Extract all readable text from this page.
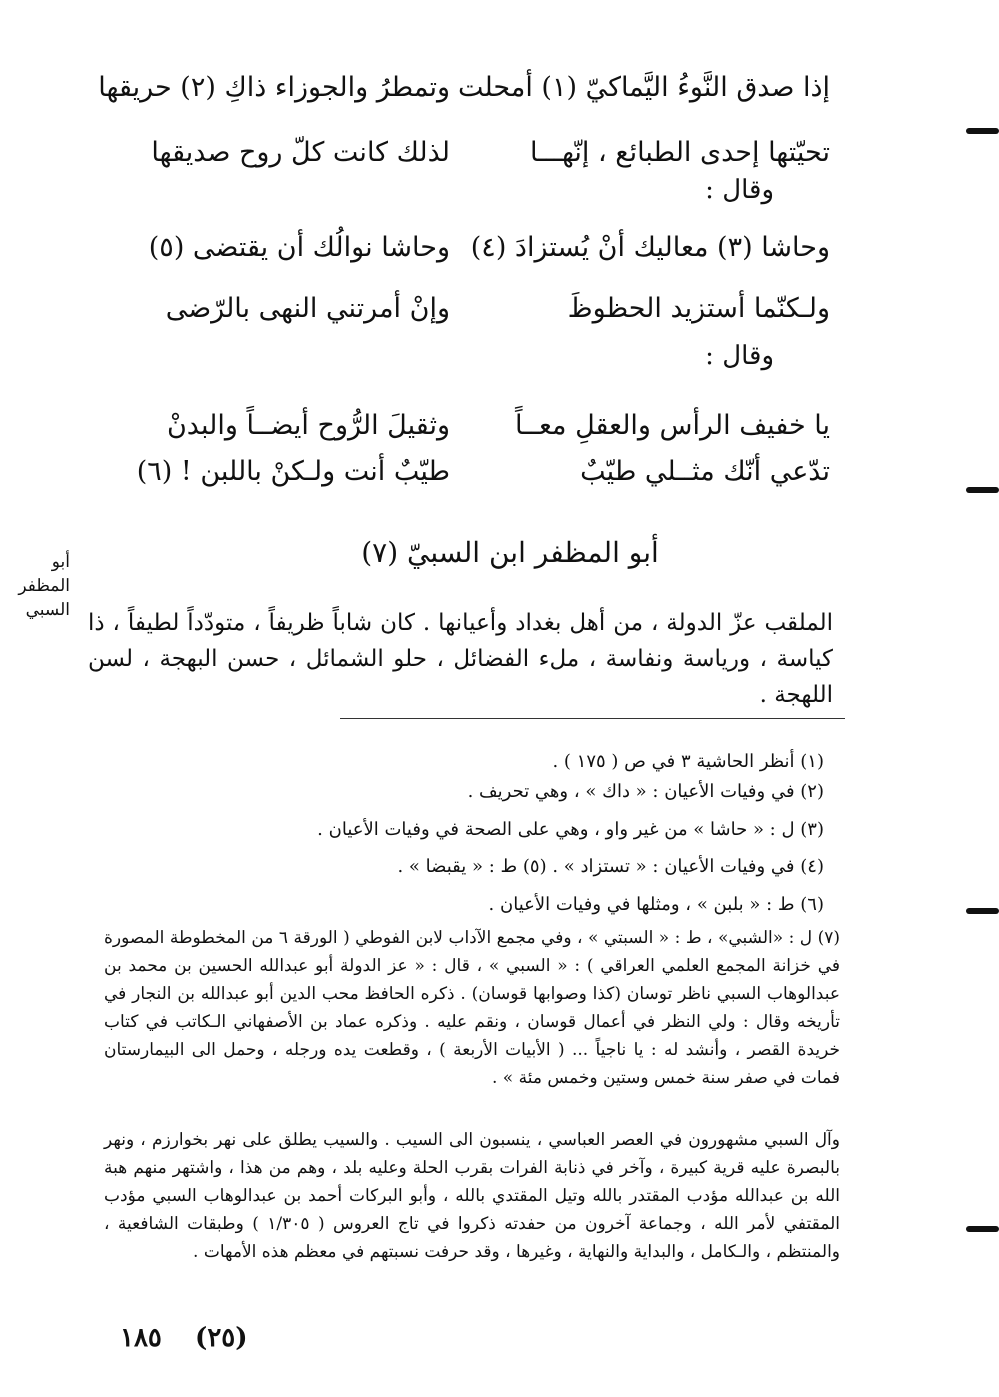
إذا صدق النَّوءُ اليَّماكيّ (١) أمحلت
وتمطرُ والجوزاء ذاكِ (٢) حريقها
تحيّتها إحدى الطبائع ، إنّهـــا
لذلك كانت كلّ روح صديقها
وقال :
وحاشا (٣) معاليك أنْ يُستزادَ (٤)
وحاشا نوالُك أن يقتضى (٥)
ولـكنّما أستزيد الحظوظَ
وإنْ أمرتني النهى بالرّضى
وقال :
يا خفيف الرأس والعقلِ معــاً
وثقيلَ الرُّوح أيضــاً والبدنْ
تدّعي أنّك مثــلي طيّبٌ
طيّبٌ أنت ولـكنْ باللبن ! (٦)
أبو المظفر السبي
أبو المظفر ابن السبيّ (٧)
الملقب عزّ الدولة ، من أهل بغداد وأعيانها . كان شاباً ظريفاً ، متودّداً لطيفاً ، ذا كياسة ، ورياسة ونفاسة ، ملء الفضائل ، حلو الشمائل ، حسن البهجة ، لسن اللهجة .
(١) أنظر الحاشية ٣ في ص ( ١٧٥ ) .
(٢) في وفيات الأعيان : « داك » ، وهي تحريف .
(٣) ل : « حاشا » من غير واو ، وهي على الصحة في وفيات الأعيان .
(٤) في وفيات الأعيان : « تستزاد » . (٥) ط : « يقبضا » .
(٦) ط : « بلبن » ، ومثلها في وفيات الأعيان .
(٧) ل : «الشبي» ، ط : « السبتي » ، وفي مجمع الآداب لابن الفوطي ( الورقة ٦ من المخطوطة المصورة في خزانة المجمع العلمي العراقي ) : « السبي » ، قال : « عز الدولة أبو عبدالله الحسين بن محمد بن عبدالوهاب السبي ناظر توسان (كذا وصوابها قوسان) . ذكره الحافظ محب الدين أبو عبدالله بن النجار في تأريخه وقال : ولي النظر في أعمال قوسان ، ونقم عليه . وذكره عماد بن الأصفهاني الـكاتب في كتاب خريدة القصر ، وأنشد له : يا ناجياً ... ( الأبيات الأربعة ) ، وقطعت يده ورجله ، وحمل الى البيمارستان فمات في صفر سنة خمس وستين وخمس مئة » .
وآل السبي مشهورون في العصر العباسي ، ينسبون الى السيب . والسيب يطلق على نهر بخوارزم ، ونهر بالبصرة عليه قرية كبيرة ، وآخر في ذنابة الفرات بقرب الحلة وعليه بلد ، وهم من هذا ، واشتهر منهم هبة الله بن عبدالله مؤدب المقتدر بالله وتيل المقتدي بالله ، وأبو البركات أحمد بن عبدالوهاب السبي مؤدب المقتفي لأمر الله ، وجماعة آخرون من حفدته ذكروا في تاج العروس ( ١/٣٠٥ ) وطبقات الشافعية ، والمنتظم ، والـكامل ، والبداية والنهاية ، وغيرها ، وقد حرفت نسبتهم في معظم هذه الأمهات .
(٢٥)
١٨٥
